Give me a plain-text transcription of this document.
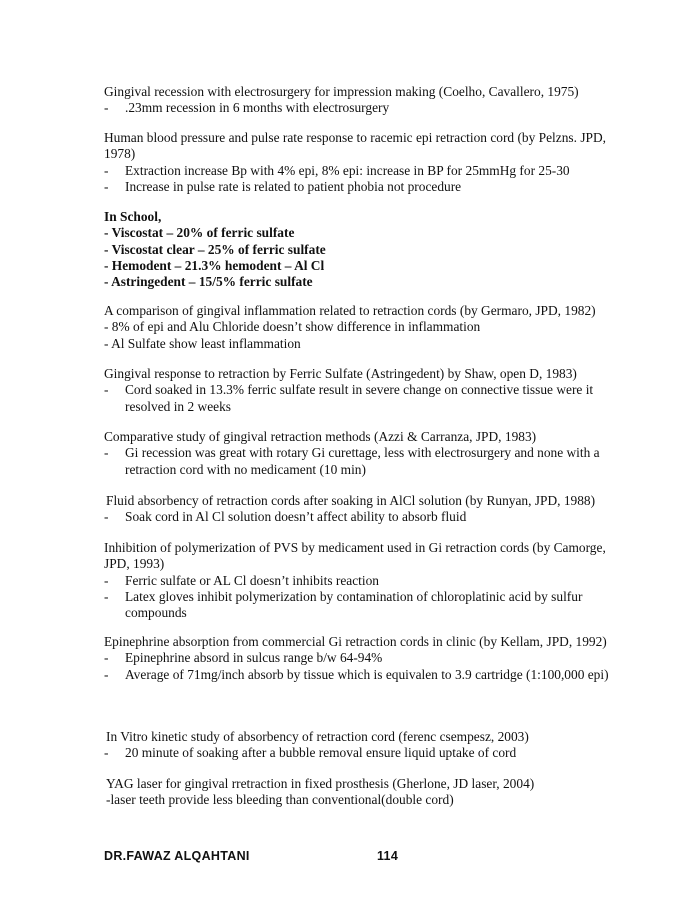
Gingival recession with electrosurgery for impression making (Coelho, Cavallero, 1975)
- .23mm recession in 6 months with electrosurgery
Human blood pressure and pulse rate response to racemic epi retraction cord (by Pelzns. JPD, 1978)
- Extraction increase Bp with 4% epi, 8% epi: increase in BP for 25mmHg for 25-30
- Increase in pulse rate is related to patient phobia not procedure
In School,
- Viscostat – 20% of ferric sulfate
- Viscostat clear – 25% of ferric sulfate
- Hemodent – 21.3% hemodent – Al Cl
- Astringedent – 15/5% ferric sulfate
A comparison of gingival inflammation related to retraction cords (by Germaro, JPD, 1982)
- 8% of epi and Alu Chloride doesn’t show difference in inflammation
- Al Sulfate show least inflammation
Gingival response to retraction by Ferric Sulfate (Astringedent) by Shaw, open D, 1983)
- Cord soaked in 13.3% ferric sulfate result in severe change on connective tissue were it resolved in 2 weeks
Comparative study of gingival retraction methods (Azzi & Carranza, JPD, 1983)
- Gi recession was great with rotary Gi curettage, less with electrosurgery and none with a retraction cord with no medicament (10 min)
Fluid absorbency of retraction cords after soaking in AlCl solution (by Runyan, JPD, 1988)
- Soak cord in Al Cl solution doesn’t affect ability to absorb fluid
Inhibition of polymerization of PVS by medicament used in Gi retraction cords (by Camorge, JPD, 1993)
- Ferric sulfate or AL Cl doesn’t inhibits reaction
- Latex gloves inhibit polymerization by contamination of chloroplatinic acid by sulfur compounds
Epinephrine absorption from commercial Gi retraction cords in clinic (by Kellam, JPD, 1992)
- Epinephrine absord in sulcus range b/w 64-94%
- Average of 71mg/inch absorb by tissue which is equivalen to 3.9 cartridge (1:100,000 epi)
In Vitro kinetic study of absorbency of retraction cord (ferenc csempesz, 2003)
- 20 minute of soaking after a bubble removal ensure liquid uptake of cord
YAG laser for gingival rretraction in fixed prosthesis (Gherlone, JD laser, 2004)
-laser teeth provide less bleeding than conventional(double cord)
DR.FAWAZ ALQAHTANI	114
